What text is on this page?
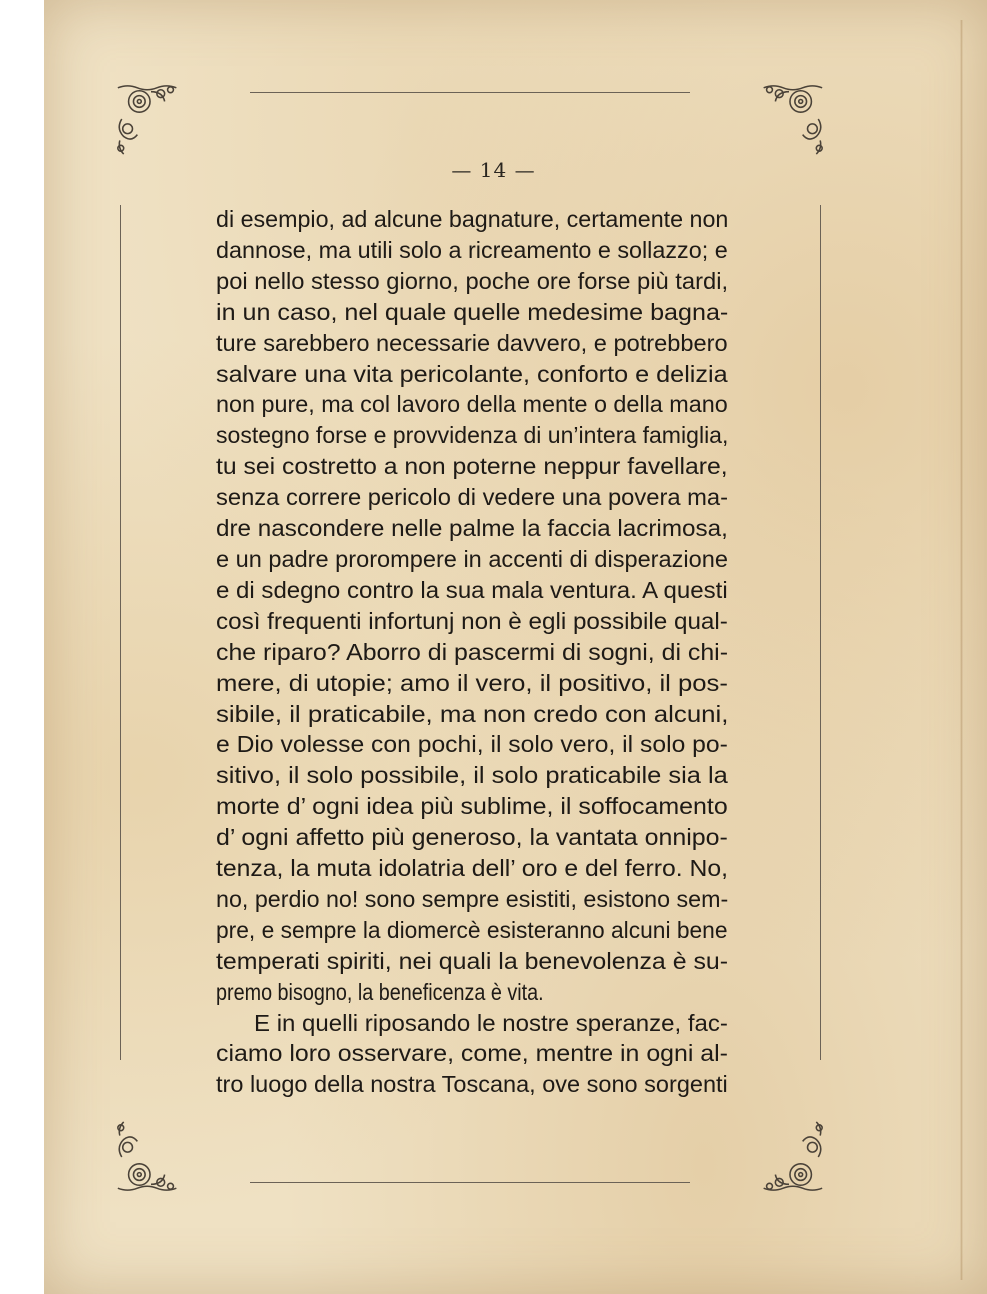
— 14 —
di esempio, ad alcune bagnature, certamente non
dannose, ma utili solo a ricreamento e sollazzo; e
poi nello stesso giorno, poche ore forse più tardi,
in un caso, nel quale quelle medesime bagna-
ture sarebbero necessarie davvero, e potrebbero
salvare una vita pericolante, conforto e delizia
non pure, ma col lavoro della mente o della mano
sostegno forse e provvidenza di un’intera famiglia,
tu sei costretto a non poterne neppur favellare,
senza correre pericolo di vedere una povera ma-
dre nascondere nelle palme la faccia lacrimosa,
e un padre prorompere in accenti di disperazione
e di sdegno contro la sua mala ventura. A questi
così frequenti infortunj non è egli possibile qual-
che riparo? Aborro di pascermi di sogni, di chi-
mere, di utopie; amo il vero, il positivo, il pos-
sibile, il praticabile, ma non credo con alcuni,
e Dio volesse con pochi, il solo vero, il solo po-
sitivo, il solo possibile, il solo praticabile sia la
morte d’ ogni idea più sublime, il soffocamento
d’ ogni affetto più generoso, la vantata onnipo-
tenza, la muta idolatria dell’ oro e del ferro. No,
no, perdio no! sono sempre esistiti, esistono sem-
pre, e sempre la diomercè esisteranno alcuni bene
temperati spiriti, nei quali la benevolenza è su-
premo bisogno, la beneficenza è vita.
E in quelli riposando le nostre speranze, fac-
ciamo loro osservare, come, mentre in ogni al-
tro luogo della nostra Toscana, ove sono sorgenti
